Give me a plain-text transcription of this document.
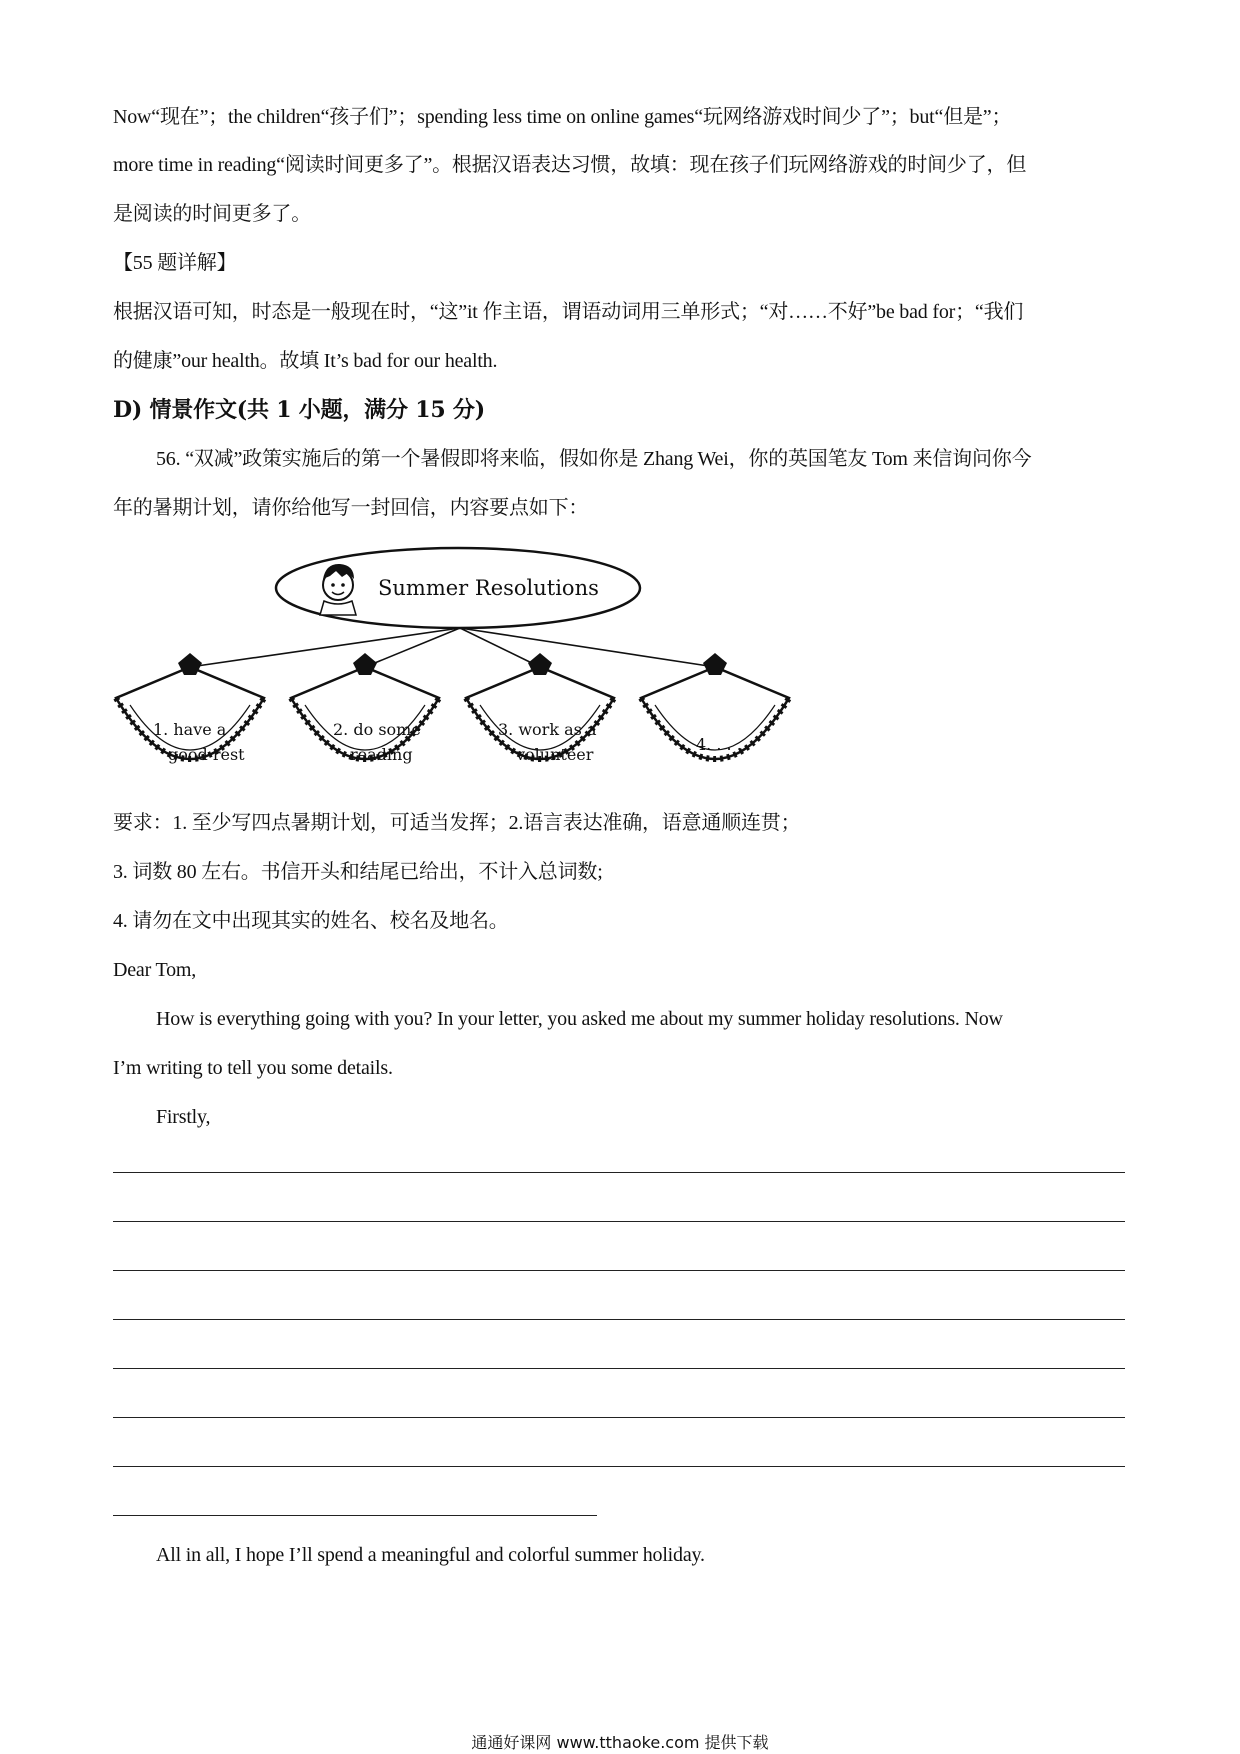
Now“现在”；the children“孩子们”；spending less time on online games“玩网络游戏时间少了”；but“但是”；
more time in reading“阅读时间更多了”。根据汉语表达习惯，故填：现在孩子们玩网络游戏的时间少了，但
是阅读的时间更多了。
【55 题详解】
根据汉语可知，时态是一般现在时，“这”it 作主语，谓语动词用三单形式；“对……不好”be bad for；“我们
的健康”our health。故填 It’s bad for our health.
D) 情景作文(共 1 小题，满分 15 分)
56. “双减”政策实施后的第一个暑假即将来临，假如你是 Zhang Wei，你的英国笔友 Tom 来信询问你今
年的暑期计划，请你给他写一封回信，内容要点如下：
Summer Resolutions
1. have a
good rest
2. do some
reading
3. work as a
volunteer
4. . . .
要求：1. 至少写四点暑期计划，可适当发挥；2.语言表达准确，语意通顺连贯；
3. 词数 80 左右。书信开头和结尾已给出，不计入总词数;
4. 请勿在文中出现其实的姓名、校名及地名。
Dear Tom,
How is everything going with you? In your letter, you asked me about my summer holiday resolutions. Now
I’m writing to tell you some details.
Firstly,
All in all, I hope I’ll spend a meaningful and colorful summer holiday.
通通好课网 www.tthaoke.com 提供下载
